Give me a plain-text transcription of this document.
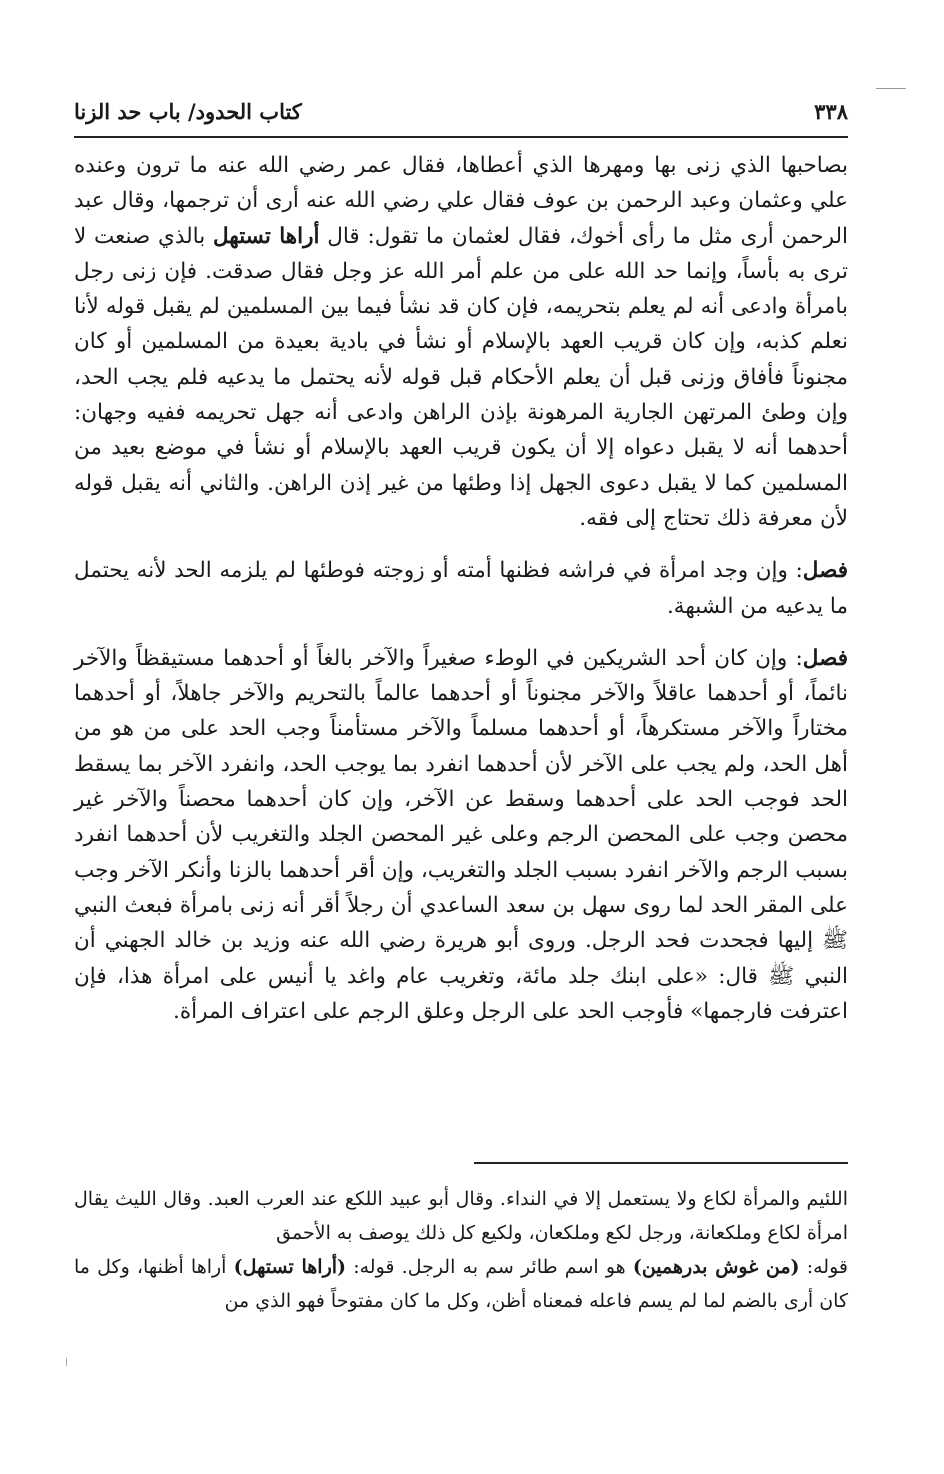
٣٣٨
كتاب الحدود/ باب حد الزنا

بصاحبها الذي زنى بها ومهرها الذي أعطاها، فقال عمر رضي الله عنه ما ترون وعنده علي وعثمان وعبد الرحمن بن عوف فقال علي رضي الله عنه أرى أن ترجمها، وقال عبد الرحمن أرى مثل ما رأى أخوك، فقال لعثمان ما تقول: قال أراها تستهل بالذي صنعت لا ترى به بأساً، وإنما حد الله على من علم أمر الله عز وجل فقال صدقت. فإن زنى رجل بامرأة وادعى أنه لم يعلم بتحريمه، فإن كان قد نشأ فيما بين المسلمين لم يقبل قوله لأنا نعلم كذبه، وإن كان قريب العهد بالإسلام أو نشأ في بادية بعيدة من المسلمين أو كان مجنوناً فأفاق وزنى قبل أن يعلم الأحكام قبل قوله لأنه يحتمل ما يدعيه فلم يجب الحد، وإن وطئ المرتهن الجارية المرهونة بإذن الراهن وادعى أنه جهل تحريمه ففيه وجهان: أحدهما أنه لا يقبل دعواه إلا أن يكون قريب العهد بالإسلام أو نشأ في موضع بعيد من المسلمين كما لا يقبل دعوى الجهل إذا وطئها من غير إذن الراهن. والثاني أنه يقبل قوله لأن معرفة ذلك تحتاج إلى فقه.

فصل: وإن وجد امرأة في فراشه فظنها أمته أو زوجته فوطئها لم يلزمه الحد لأنه يحتمل ما يدعيه من الشبهة.

فصل: وإن كان أحد الشريكين في الوطء صغيراً والآخر بالغاً أو أحدهما مستيقظاً والآخر نائماً، أو أحدهما عاقلاً والآخر مجنوناً أو أحدهما عالماً بالتحريم والآخر جاهلاً، أو أحدهما مختاراً والآخر مستكرهاً، أو أحدهما مسلماً والآخر مستأمناً وجب الحد على من هو من أهل الحد، ولم يجب على الآخر لأن أحدهما انفرد بما يوجب الحد، وانفرد الآخر بما يسقط الحد فوجب الحد على أحدهما وسقط عن الآخر، وإن كان أحدهما محصناً والآخر غير محصن وجب على المحصن الرجم وعلى غير المحصن الجلد والتغريب لأن أحدهما انفرد بسبب الرجم والآخر انفرد بسبب الجلد والتغريب، وإن أقر أحدهما بالزنا وأنكر الآخر وجب على المقر الحد لما روى سهل بن سعد الساعدي أن رجلاً أقر أنه زنى بامرأة فبعث النبي ﷺ إليها فجحدت فحد الرجل. وروى أبو هريرة رضي الله عنه وزيد بن خالد الجهني أن النبي ﷺ قال: «على ابنك جلد مائة، وتغريب عام واغد يا أنيس على امرأة هذا، فإن اعترفت فارجمها» فأوجب الحد على الرجل وعلق الرجم على اعتراف المرأة.

اللئيم والمرأة لكاع ولا يستعمل إلا في النداء. وقال أبو عبيد اللكع عند العرب العبد. وقال الليث يقال امرأة لكاع وملكعانة، ورجل لكع وملكعان، ولكيع كل ذلك يوصف به الأحمق

قوله: (من غوش بدرهمين) هو اسم طائر سم به الرجل. قوله: (أراها تستهل) أراها أظنها، وكل ما كان أرى بالضم لما لم يسم فاعله فمعناه أظن، وكل ما كان مفتوحاً فهو الذي من
